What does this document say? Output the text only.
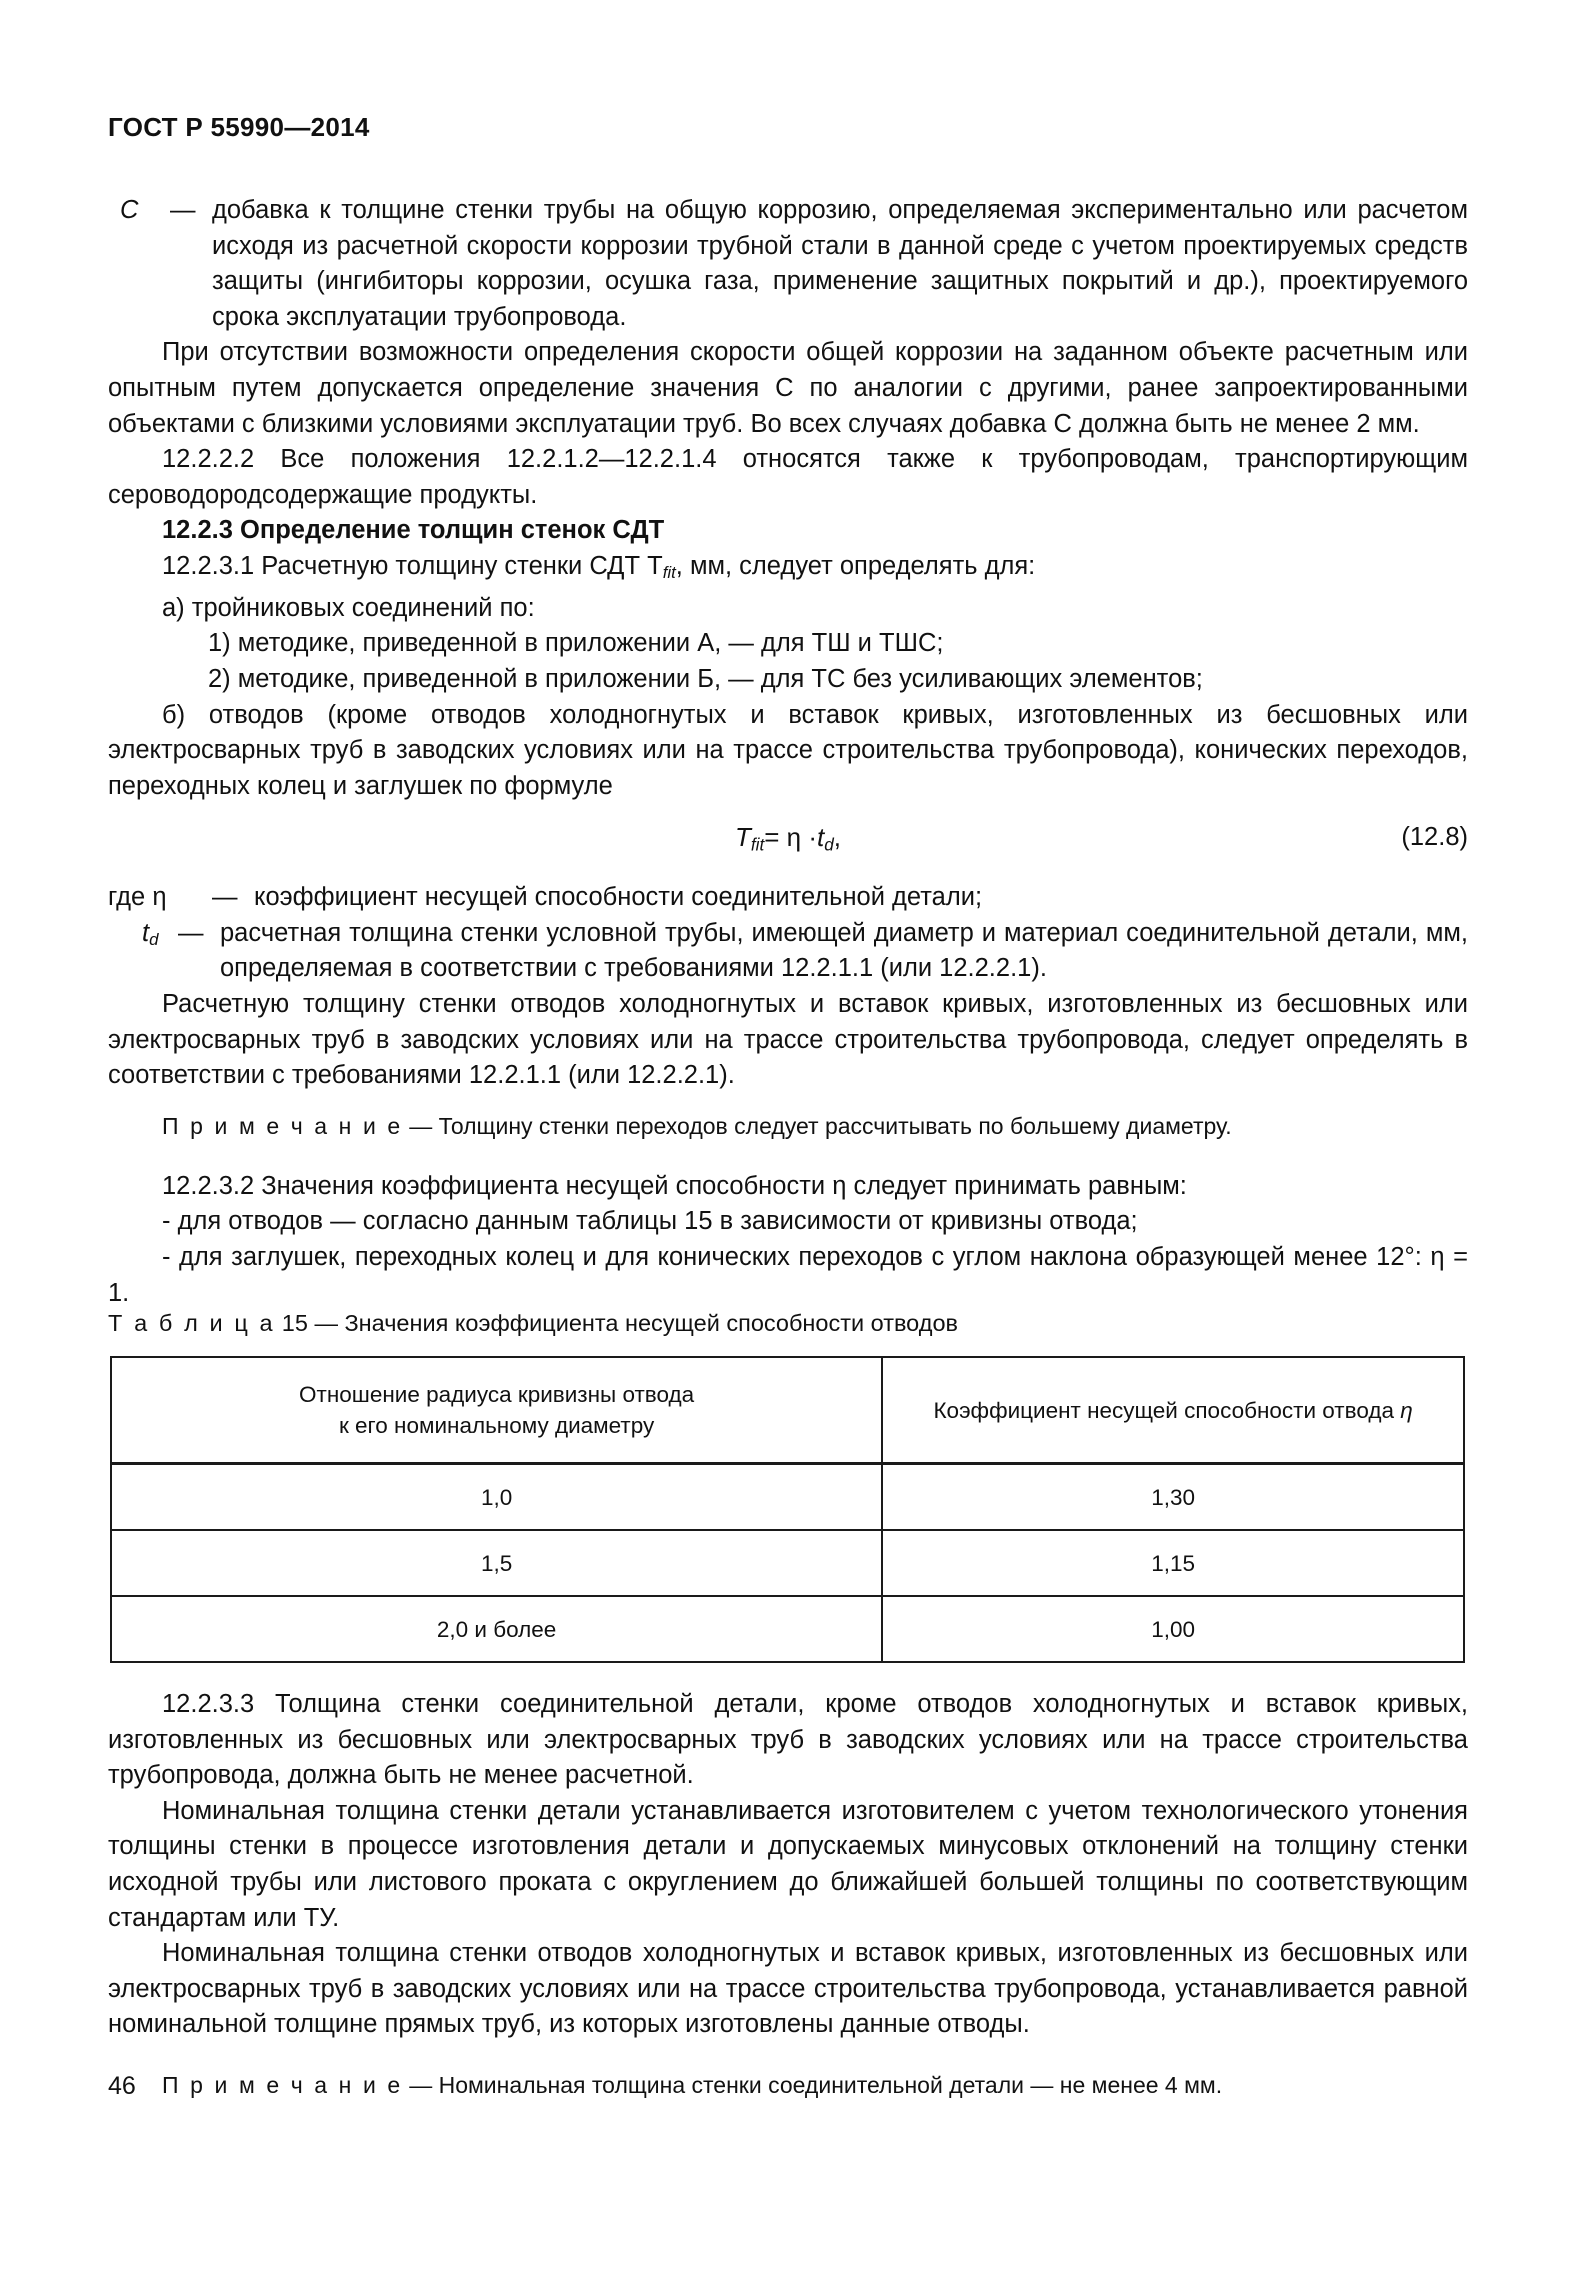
ГОСТ Р 55990—2014
C	— добавка к толщине стенки трубы на общую коррозию, определяемая экспериментально или расчетом исходя из расчетной скорости коррозии трубной стали в данной среде с учетом проектируемых средств защиты (ингибиторы коррозии, осушка газа, применение защитных покрытий и др.), проектируемого срока эксплуатации трубопровода.

При отсутствии возможности определения скорости общей коррозии на заданном объекте расчетным или опытным путем допускается определение значения C по аналогии с другими, ранее запроектированными объектами с близкими условиями эксплуатации труб. Во всех случаях добавка C должна быть не менее 2 мм.

12.2.2.2 Все положения 12.2.1.2—12.2.1.4 относятся также к трубопроводам, транспортирующим сероводородсодержащие продукты.

12.2.3 Определение толщин стенок СДТ

12.2.3.1 Расчетную толщину стенки СДТ $T_{fit}$, мм, следует определять для:

а) тройниковых соединений по:

1) методике, приведенной в приложении А, — для ТШ и ТШС;

2) методике, приведенной в приложении Б, — для ТС без усиливающих элементов;

б) отводов (кроме отводов холодногнутых и вставок кривых, изготовленных из бесшовных или электросварных труб в заводских условиях или на трассе строительства трубопровода), конических переходов, переходных колец и заглушек по формуле

$T_{fit}= \eta \cdot t_d$,	(12.8)
где η	— коэффициент несущей способности соединительной детали;
$t_d$ — расчетная толщина стенки условной трубы, имеющей диаметр и материал соединительной детали, мм, определяемая в соответствии с требованиями 12.2.1.1 (или 12.2.2.1).

Расчетную толщину стенки отводов холодногнутых и вставок кривых, изготовленных из бесшовных или электросварных труб в заводских условиях или на трассе строительства трубопровода, следует определять в соответствии с требованиями 12.2.1.1 (или 12.2.2.1).

П р и м е ч а н и е — Толщину стенки переходов следует рассчитывать по большему диаметру.

12.2.3.2 Значения коэффициента несущей способности η следует принимать равным:

- для отводов — согласно данным таблицы 15 в зависимости от кривизны отвода;

- для заглушек, переходных колец и для конических переходов с углом наклона образующей менее 12°: η = 1.

Т а б л и ц а 15 — Значения коэффициента несущей способности отводов
Отношение радиуса кривизны отвода
к его номинальному диаметру	Коэффициент несущей способности отвода η
1,0	1,30
1,5	1,15
2,0 и более	1,00

12.2.3.3 Толщина стенки соединительной детали, кроме отводов холодногнутых и вставок кривых, изготовленных из бесшовных или электросварных труб в заводских условиях или на трассе строительства трубопровода, должна быть не менее расчетной.

Номинальная толщина стенки детали устанавливается изготовителем с учетом технологического утонения толщины стенки в процессе изготовления детали и допускаемых минусовых отклонений на толщину стенки исходной трубы или листового проката с округлением до ближайшей большей толщины по соответствующим стандартам или ТУ.

Номинальная толщина стенки отводов холодногнутых и вставок кривых, изготовленных из бесшовных или электросварных труб в заводских условиях или на трассе строительства трубопровода, устанавливается равной номинальной толщине прямых труб, из которых изготовлены данные отводы.

П р и м е ч а н и е — Номинальная толщина стенки соединительной детали — не менее 4 мм.

46
